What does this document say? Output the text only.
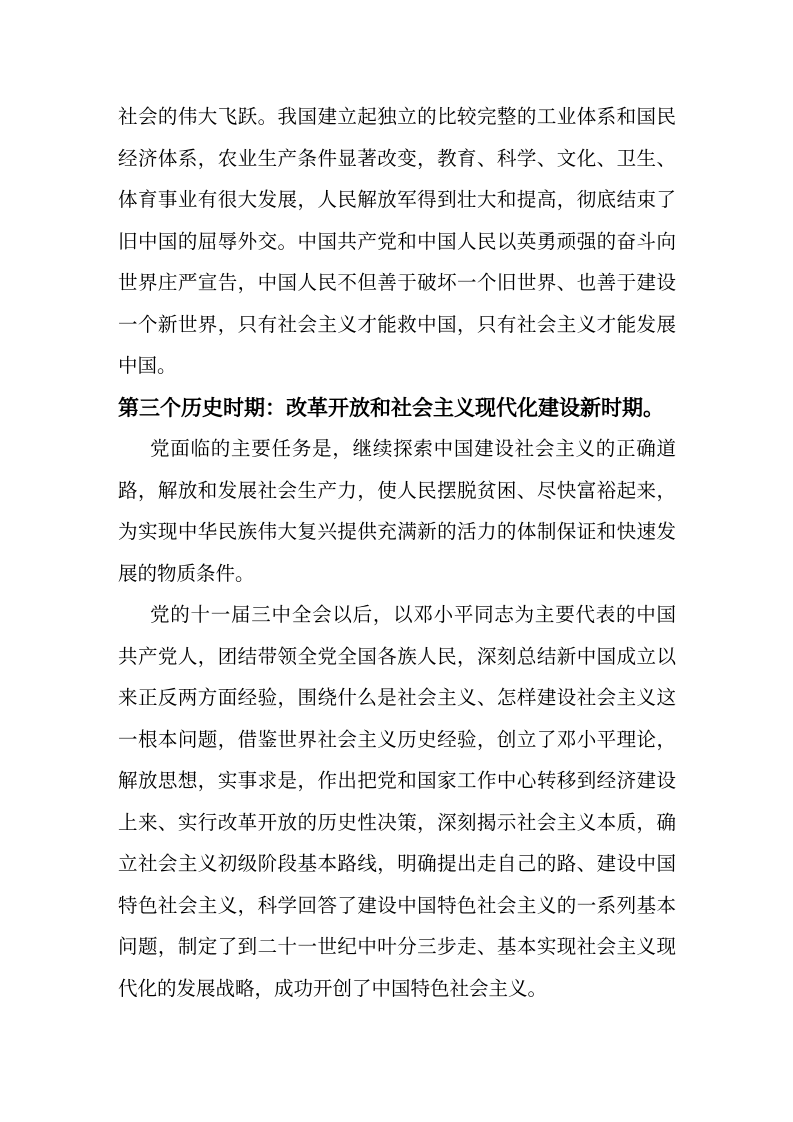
社会的伟大飞跃。我国建立起独立的比较完整的工业体系和国民
经济体系，农业生产条件显著改变，教育、科学、文化、卫生、
体育事业有很大发展，人民解放军得到壮大和提高，彻底结束了
旧中国的屈辱外交。中国共产党和中国人民以英勇顽强的奋斗向
世界庄严宣告，中国人民不但善于破坏一个旧世界、也善于建设
一个新世界，只有社会主义才能救中国，只有社会主义才能发展
中国。
第三个历史时期：改革开放和社会主义现代化建设新时期。
党面临的主要任务是，继续探索中国建设社会主义的正确道
路，解放和发展社会生产力，使人民摆脱贫困、尽快富裕起来，
为实现中华民族伟大复兴提供充满新的活力的体制保证和快速发
展的物质条件。
党的十一届三中全会以后，以邓小平同志为主要代表的中国
共产党人，团结带领全党全国各族人民，深刻总结新中国成立以
来正反两方面经验，围绕什么是社会主义、怎样建设社会主义这
一根本问题，借鉴世界社会主义历史经验，创立了邓小平理论，
解放思想，实事求是，作出把党和国家工作中心转移到经济建设
上来、实行改革开放的历史性决策，深刻揭示社会主义本质，确
立社会主义初级阶段基本路线，明确提出走自己的路、建设中国
特色社会主义，科学回答了建设中国特色社会主义的一系列基本
问题，制定了到二十一世纪中叶分三步走、基本实现社会主义现
代化的发展战略，成功开创了中国特色社会主义。
